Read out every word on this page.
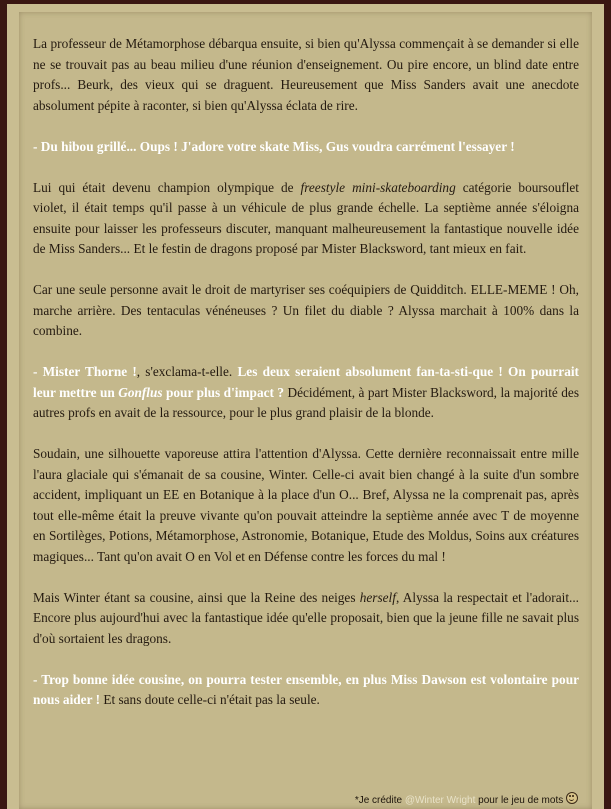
La professeur de Métamorphose débarqua ensuite, si bien qu'Alyssa commençait à se demander si elle ne se trouvait pas au beau milieu d'une réunion d'enseignement. Ou pire encore, un blind date entre profs... Beurk, des vieux qui se draguent. Heureusement que Miss Sanders avait une anecdote absolument pépite à raconter, si bien qu'Alyssa éclata de rire.

- Du hibou grillé... Oups ! J'adore votre skate Miss, Gus voudra carrément l'essayer !

Lui qui était devenu champion olympique de freestyle mini-skateboarding catégorie boursouflet violet, il était temps qu'il passe à un véhicule de plus grande échelle. La septième année s'éloigna ensuite pour laisser les professeurs discuter, manquant malheureusement la fantastique nouvelle idée de Miss Sanders... Et le festin de dragons proposé par Mister Blacksword, tant mieux en fait.

Car une seule personne avait le droit de martyriser ses coéquipiers de Quidditch. ELLE-MEME ! Oh, marche arrière. Des tentaculas vénéneuses ? Un filet du diable ? Alyssa marchait à 100% dans la combine.

- Mister Thorne !, s'exclama-t-elle. Les deux seraient absolument fan-ta-sti-que ! On pourrait leur mettre un Gonflus pour plus d'impact ? Décidément, à part Mister Blacksword, la majorité des autres profs en avait de la ressource, pour le plus grand plaisir de la blonde.

Soudain, une silhouette vaporeuse attira l'attention d'Alyssa. Cette dernière reconnaissait entre mille l'aura glaciale qui s'émanait de sa cousine, Winter. Celle-ci avait bien changé à la suite d'un sombre accident, impliquant un EE en Botanique à la place d'un O... Bref, Alyssa ne la comprenait pas, après tout elle-même était la preuve vivante qu'on pouvait atteindre la septième année avec T de moyenne en Sortilèges, Potions, Métamorphose, Astronomie, Botanique, Etude des Moldus, Soins aux créatures magiques... Tant qu'on avait O en Vol et en Défense contre les forces du mal !

Mais Winter étant sa cousine, ainsi que la Reine des neiges herself, Alyssa la respectait et l'adorait... Encore plus aujourd'hui avec la fantastique idée qu'elle proposait, bien que la jeune fille ne savait plus d'où sortaient les dragons.

- Trop bonne idée cousine, on pourra tester ensemble, en plus Miss Dawson est volontaire pour nous aider ! Et sans doute celle-ci n'était pas la seule.

*Je crédite @Winter Wright pour le jeu de mots
